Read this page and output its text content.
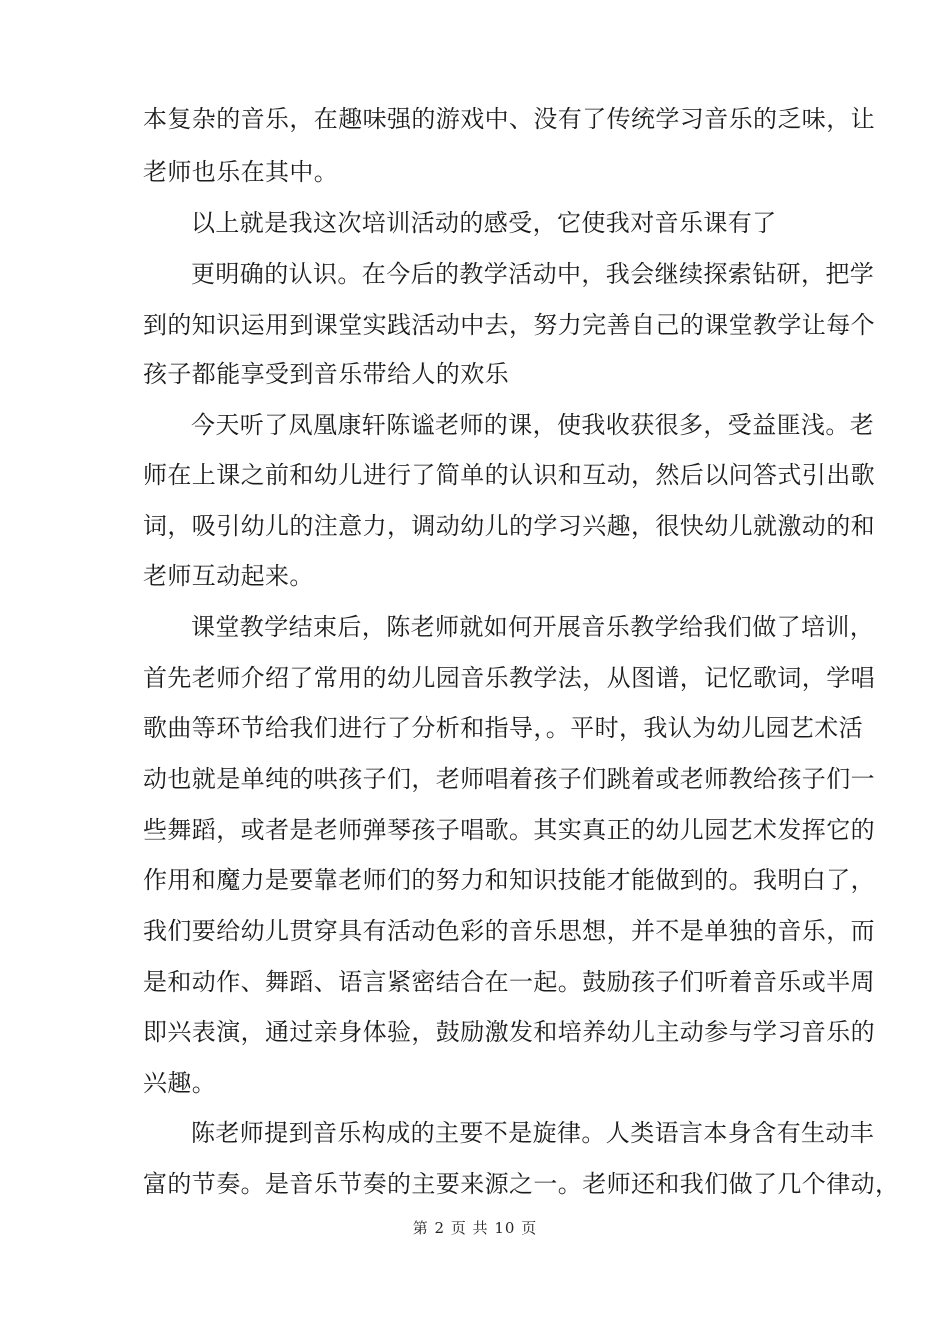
本复杂的音乐，在趣味强的游戏中、没有了传统学习音乐的乏味，让
老师也乐在其中。
以上就是我这次培训活动的感受，它使我对音乐课有了
更明确的认识。在今后的教学活动中，我会继续探索钻研，把学
到的知识运用到课堂实践活动中去，努力完善自己的课堂教学让每个
孩子都能享受到音乐带给人的欢乐
今天听了凤凰康轩陈谧老师的课，使我收获很多，受益匪浅。老
师在上课之前和幼儿进行了简单的认识和互动，然后以问答式引出歌
词，吸引幼儿的注意力，调动幼儿的学习兴趣，很快幼儿就激动的和
老师互动起来。
课堂教学结束后，陈老师就如何开展音乐教学给我们做了培训，
首先老师介绍了常用的幼儿园音乐教学法，从图谱，记忆歌词，学唱
歌曲等环节给我们进行了分析和指导，。平时，我认为幼儿园艺术活
动也就是单纯的哄孩子们，老师唱着孩子们跳着或老师教给孩子们一
些舞蹈，或者是老师弹琴孩子唱歌。其实真正的幼儿园艺术发挥它的
作用和魔力是要靠老师们的努力和知识技能才能做到的。我明白了，
我们要给幼儿贯穿具有活动色彩的音乐思想，并不是单独的音乐，而
是和动作、舞蹈、语言紧密结合在一起。鼓励孩子们听着音乐或半周
即兴表演，通过亲身体验，鼓励激发和培养幼儿主动参与学习音乐的
兴趣。
陈老师提到音乐构成的主要不是旋律。人类语言本身含有生动丰
富的节奏。是音乐节奏的主要来源之一。老师还和我们做了几个律动，
第 2 页 共 10 页
